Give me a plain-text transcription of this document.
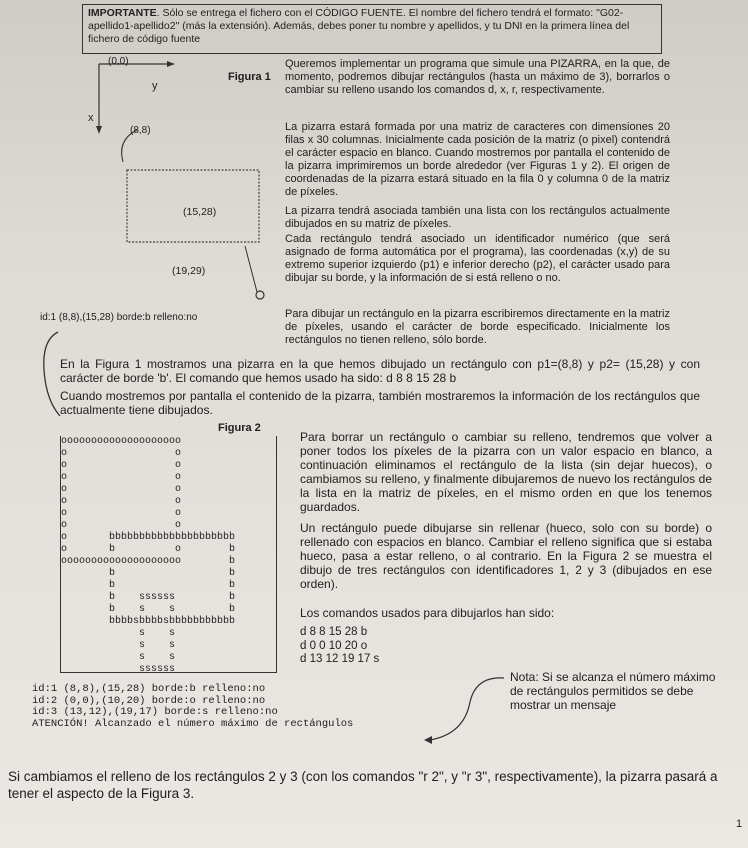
IMPORTANTE. Sólo se entrega el fichero con el CÓDIGO FUENTE. El nombre del fichero tendrá el formato: "G02-apellido1-apellido2" (más la extensión). Además, debes poner tu nombre y apellidos, y tu DNI en la primera línea del fichero de código fuente
Figura 1
(0,0)
y
x
(8,8)
(15,28)
(19,29)
id:1 (8,8),(15,28) borde:b relleno:no

Queremos implementar un programa que simule una PIZARRA, en la que, de momento, podremos dibujar rectángulos (hasta un máximo de 3), borrarlos o cambiar su relleno usando los comandos d, x, r, respectivamente.

La pizarra estará formada por una matriz de caracteres con dimensiones 20 filas x 30 columnas. Inicialmente cada posición de la matriz (o pixel) contendrá el carácter espacio en blanco. Cuando mostremos por pantalla el contenido de la pizarra imprimiremos un borde alrededor (ver Figuras 1 y 2). El origen de coordenadas de la pizarra estará situado en la fila 0 y columna 0 de la matriz de píxeles.

La pizarra tendrá asociada también una lista con los rectángulos actualmente dibujados en su matriz de píxeles.

Cada rectángulo tendrá asociado un identificador numérico (que será asignado de forma automática por el programa), las coordenadas (x,y) de su extremo superior izquierdo (p1) e inferior derecho (p2), el carácter usado para dibujar su borde, y la información de si está relleno o no.

Para dibujar un rectángulo en la pizarra escribiremos directamente en la matriz de píxeles, usando el carácter de borde especificado. Inicialmente los rectángulos no tienen relleno, sólo borde.

En la Figura 1 mostramos una pizarra en la que hemos dibujado un rectángulo con p1=(8,8) y p2= (15,28) y con carácter de borde 'b'. El comando que hemos usado ha sido: d 8 8 15 28 b

Cuando mostremos por pantalla el contenido de la pizarra, también mostraremos la información de los rectángulos que actualmente tiene dibujados.

Figura 2
oooooooooooooooooooo
o                  o
o                  o
o                  o
o                  o
o                  o
o                  o
o                  o
o       bbbbbbbbbbbbbbbbbbbbb
o       b          o        b
oooooooooooooooooooo        b
b                   b
b                   b
b    ssssss         b
b    s    s         b
bbbbsbbbbsbbbbbbbbbbb
s    s
s    s
s    s
ssssss
id:1 (8,8),(15,28) borde:b relleno:no
id:2 (0,0),(10,20) borde:o relleno:no
id:3 (13,12),(19,17) borde:s relleno:no
ATENCIÓN! Alcanzado el número máximo de rectángulos

Para borrar un rectángulo o cambiar su relleno, tendremos que volver a poner todos los píxeles de la pizarra con un valor espacio en blanco, a continuación eliminamos el rectángulo de la lista (sin dejar huecos), o cambiamos su relleno, y finalmente dibujaremos de nuevo los rectángulos de la lista en la matriz de píxeles, en el mismo orden en que los tenemos guardados.

Un rectángulo puede dibujarse sin rellenar (hueco, solo con su borde) o rellenado con espacios en blanco. Cambiar el relleno significa que si estaba hueco, pasa a estar relleno, o al contrario. En la Figura 2 se muestra el dibujo de tres rectángulos con identificadores 1, 2 y 3 (dibujados en ese orden).

Los comandos usados para dibujarlos han sido:

d 8 8 15 28 b
d 0 0 10 20 o
d 13 12 19 17 s

Nota: Si se alcanza el número máximo de rectángulos permitidos se debe mostrar un mensaje

Si cambiamos el relleno de los rectángulos 2 y 3 (con los comandos "r 2", y "r 3", respectivamente), la pizarra pasará a tener el aspecto de la Figura 3.

1
